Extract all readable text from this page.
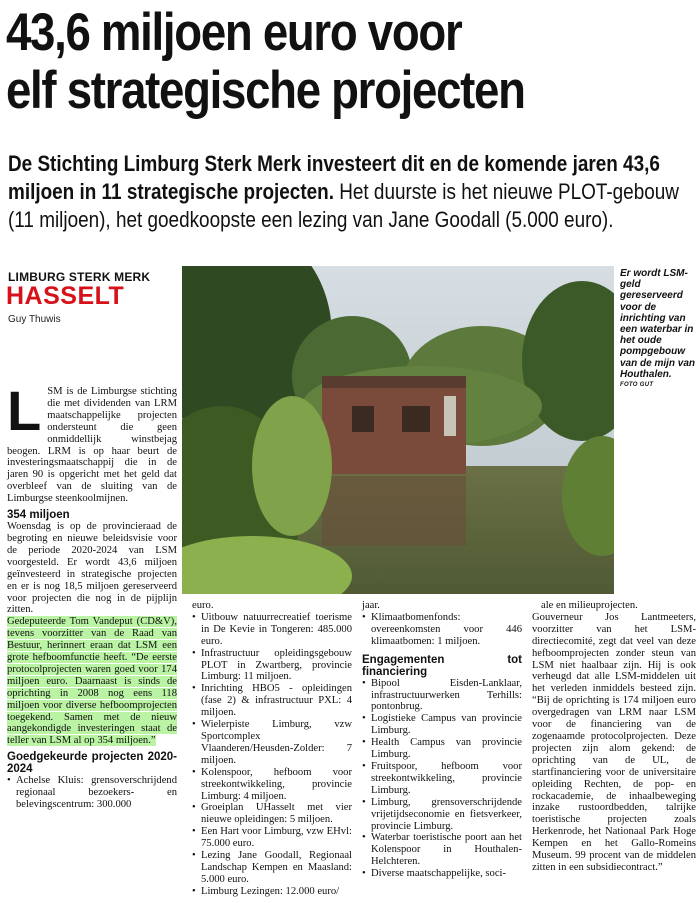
43,6 miljoen euro voor
elf strategische projecten
De Stichting Limburg Sterk Merk investeert dit en de komende jaren 43,6 miljoen in 11 strategische projecten. Het duurste is het nieuwe PLOT-gebouw (11 miljoen), het goedkoopste een lezing van Jane Goodall (5.000 euro).
LIMBURG STERK MERK
HASSELT
Guy Thuwis

LSM is de Limburgse stichting die met dividenden van LRM maatschappelijke projecten ondersteunt die geen onmiddellijk winstbejag beogen. LRM is op haar beurt de investeringsmaatschappij die in de jaren 90 is opgericht met het geld dat overbleef van de sluiting van de Limburgse steenkoolmijnen.

354 miljoen

Woensdag is op de provincieraad de begroting en nieuwe beleidsvisie voor de periode 2020-2024 van LSM voorgesteld. Er wordt 43,6 miljoen geïnvesteerd in strategische projecten en er is nog 18,5 miljoen gereserveerd voor projecten die nog in de pijplijn zitten.

Gedeputeerde Tom Vandeput (CD&V), tevens voorzitter van de Raad van Bestuur, herinnert eraan dat LSM een grote hefboomfunctie heeft. “De eerste protocolprojecten waren goed voor 174 miljoen euro. Daarnaast is sinds de oprichting in 2008 nog eens 118 miljoen voor diverse hefboomprojecten toegekend. Samen met de nieuw aangekondigde investeringen staat de teller van LSM al op 354 miljoen.”

Goedgekeurde projecten 2020-2024
• Achelse Kluis: grensoverschrijdend regionaal bezoekers- en belevingscentrum: 300.000
Er wordt LSM-geld gereserveerd voor de inrichting van een waterbar in het oude pompgebouw van de mijn van Houthalen.
FOTO GUT

euro.

• Uitbouw natuurrecreatief toerisme in De Kevie in Tongeren: 485.000 euro.
• Infrastructuur opleidingsgebouw PLOT in Zwartberg, provincie Limburg: 11 miljoen.
• Inrichting HBO5 - opleidingen (fase 2) & infrastructuur PXL: 4 miljoen.
• Wielerpiste Limburg, vzw Sportcomplex Vlaanderen/Heusden-Zolder: 7 miljoen.
• Kolenspoor, hefboom voor streekontwikkeling, provincie Limburg: 4 miljoen.
• Groeiplan UHasselt met vier nieuwe opleidingen: 5 miljoen.
• Een Hart voor Limburg, vzw EHvl: 75.000 euro.
• Lezing Jane Goodall, Regionaal Landschap Kempen en Maasland: 5.000 euro.
• Limburg Lezingen: 12.000 euro/

jaar.

• Klimaatbomenfonds: overeenkomsten voor 446 klimaatbomen: 1 miljoen.
Engagementen tot financiering
• Bipool Eisden-Lanklaar, infrastructuurwerken Terhills: pontonbrug.
• Logistieke Campus van provincie Limburg.
• Health Campus van provincie Limburg.
• Fruitspoor, hefboom voor streekontwikkeling, provincie Limburg.
• Limburg, grensoverschrijdende vrijetijdseconomie en fietsverkeer, provincie Limburg.
• Waterbar toeristische poort aan het Kolenspoor in Houthalen-Helchteren.
• Diverse maatschappelijke, soci-

ale en milieuprojecten.

Gouverneur Jos Lantmeeters, voorzitter van het LSM-directiecomité, zegt dat veel van deze hefboomprojecten zonder steun van LSM niet haalbaar zijn. Hij is ook verheugd dat alle LSM-middelen uit het verleden inmiddels besteed zijn. “Bij de oprichting is 174 miljoen euro overgedragen van LRM naar LSM voor de financiering van de zogenaamde protocolprojecten. Deze projecten zijn alom gekend: de oprichting van de UL, de startfinanciering voor de universitaire opleiding Rechten, de pop- en rockacademie, de inhaalbeweging inzake rustoordbedden, talrijke toeristische projecten zoals Herkenrode, het Nationaal Park Hoge Kempen en het Gallo-Romeins Museum. 99 procent van de middelen zitten in een subsidiecontract.”
